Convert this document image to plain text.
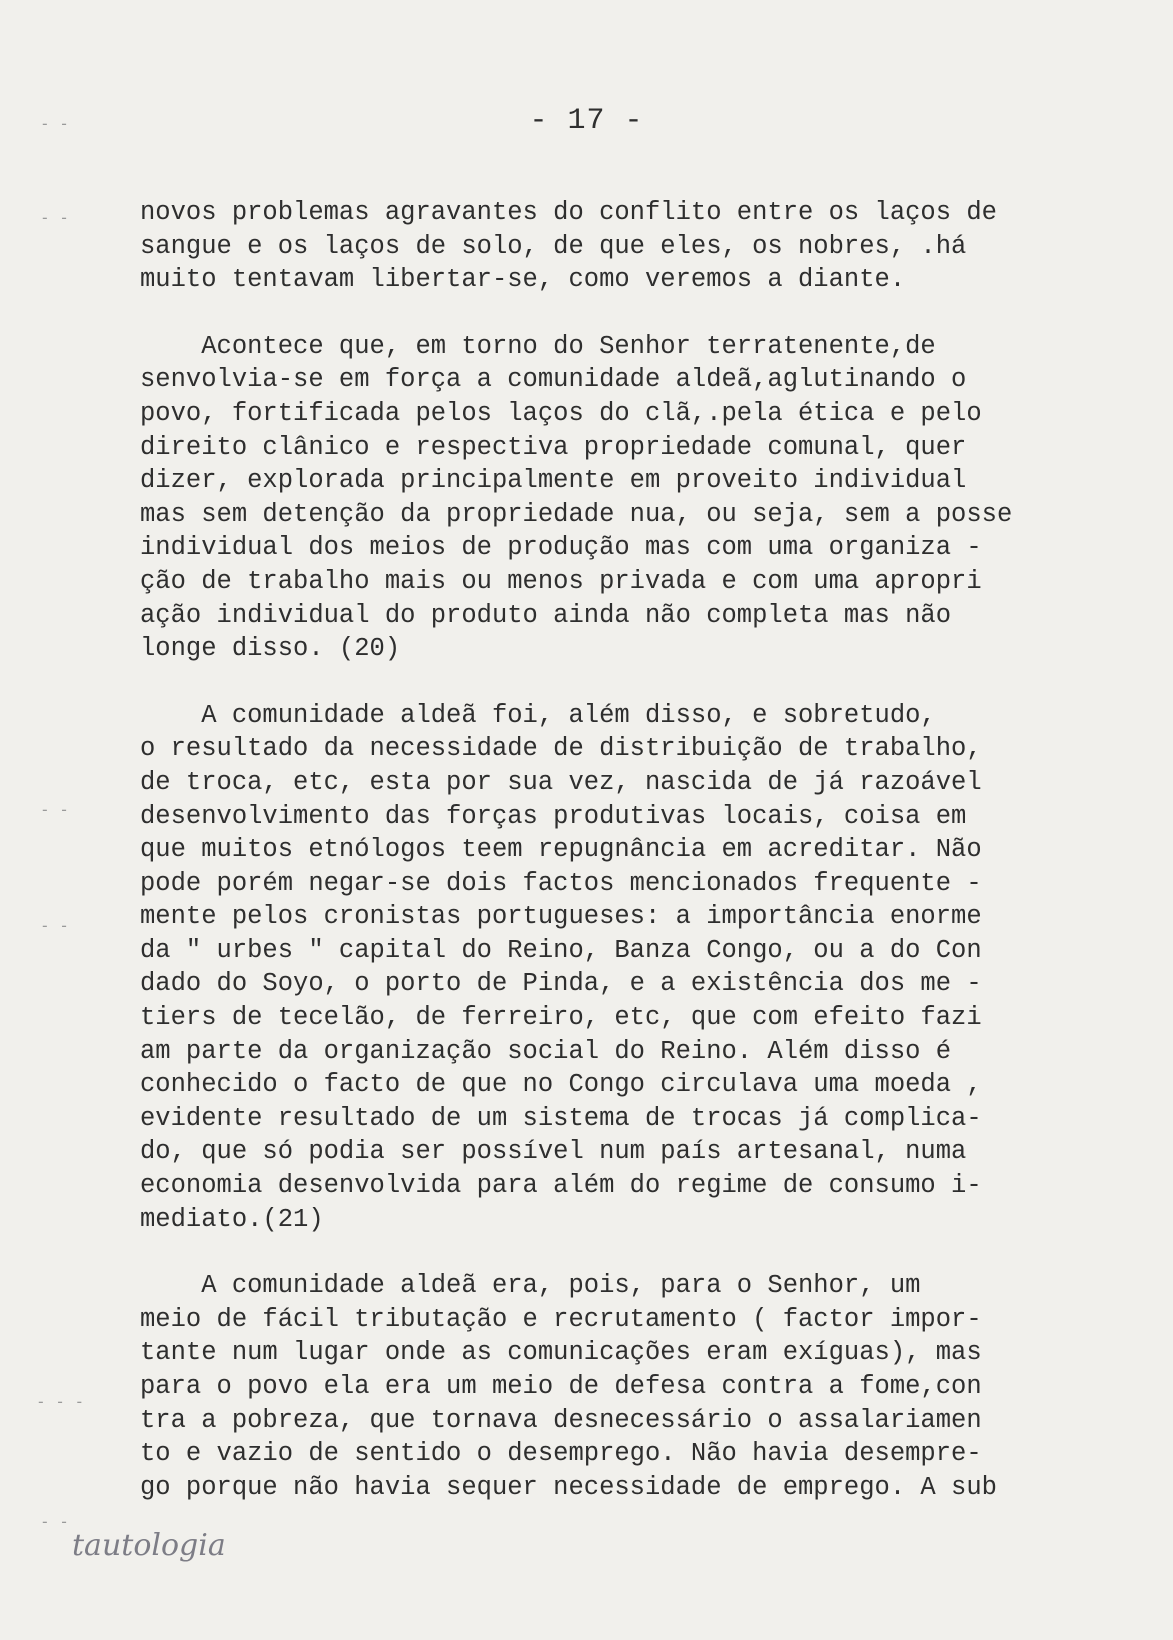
- 17 -
- -
- -
- -
- -
- - -
- -
novos problemas agravantes do conflito entre os laços de
sangue e os laços de solo, de que eles, os nobres, .há
muito tentavam libertar-se, como veremos a diante.
Acontece que, em torno do Senhor terratenente,de
senvolvia-se em força a comunidade aldeã,aglutinando o
povo, fortificada pelos laços do clã,.pela ética e pelo
direito clânico e respectiva propriedade comunal, quer
dizer, explorada principalmente em proveito individual
mas sem detenção da propriedade nua, ou seja, sem a posse
individual dos meios de produção mas com uma organiza -
ção de trabalho mais ou menos privada e com uma apropri
ação individual do produto ainda não completa mas não
longe disso. (20)
A comunidade aldeã foi, além disso, e sobretudo,
o resultado da necessidade de distribuição de trabalho,
de troca, etc, esta por sua vez, nascida de já razoável
desenvolvimento das forças produtivas locais, coisa em
que muitos etnólogos teem repugnância em acreditar. Não
pode porém negar-se dois factos mencionados frequente -
mente pelos cronistas portugueses: a importância enorme
da " urbes " capital do Reino, Banza Congo, ou a do Con
dado do Soyo, o porto de Pinda, e a existência dos me -
tiers de tecelão, de ferreiro, etc, que com efeito fazi
am parte da organização social do Reino. Além disso é
conhecido o facto de que no Congo circulava uma moeda ,
evidente resultado de um sistema de trocas já complica-
do, que só podia ser possível num país artesanal, numa
economia desenvolvida para além do regime de consumo i-
mediato.(21)
A comunidade aldeã era, pois, para o Senhor, um
meio de fácil tributação e recrutamento ( factor impor-
tante num lugar onde as comunicações eram exíguas), mas
para o povo ela era um meio de defesa contra a fome,con
tra a pobreza, que tornava desnecessário o assalariamen
to e vazio de sentido o desemprego. Não havia desempre-
go porque não havia sequer necessidade de emprego. A sub
tautologia
